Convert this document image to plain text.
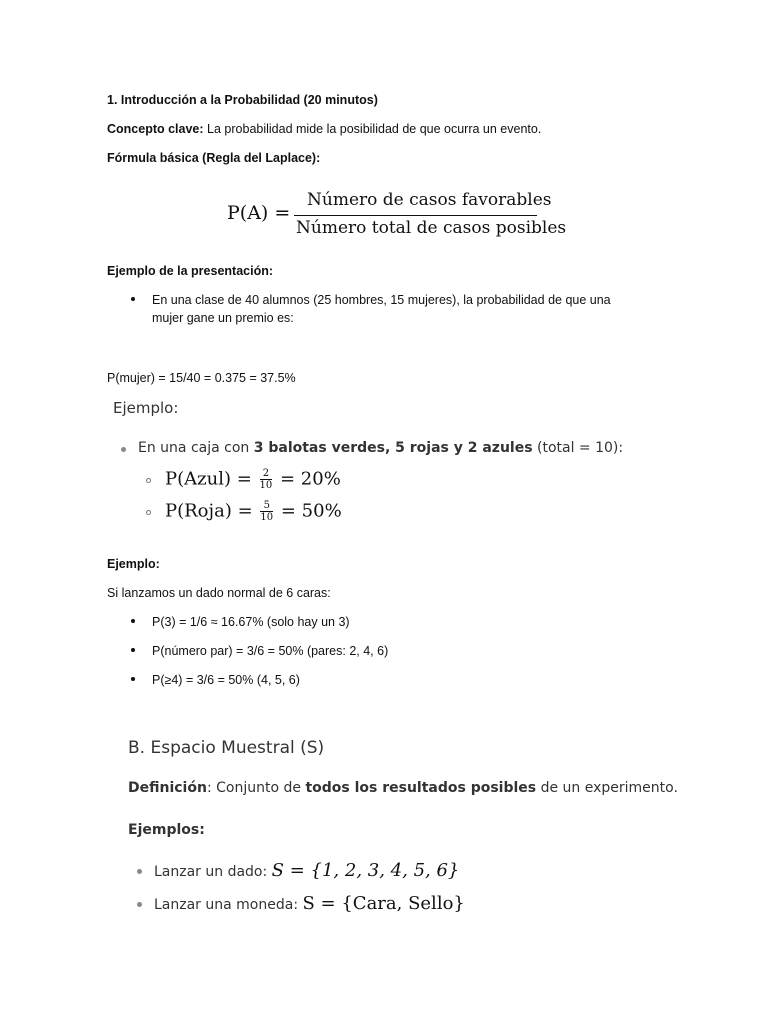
1. Introducción a la Probabilidad (20 minutos)
Concepto clave: La probabilidad mide la posibilidad de que ocurra un evento.
Fórmula básica (Regla del Laplace):
P(A) =
Número de casos favorables
Número total de casos posibles
Ejemplo de la presentación:
En una clase de 40 alumnos (25 hombres, 15 mujeres), la probabilidad de que una
mujer gane un premio es:
P(mujer) = 15/40 = 0.375 = 37.5%
Ejemplo:
En una caja con 3 balotas verdes, 5 rojas y 2 azules (total = 10):
P(Azul) = $\frac{2}{10} = 20\%$
P(Roja) = $\frac{5}{10} = 50\%$
Ejemplo:
Si lanzamos un dado normal de 6 caras:
P(3) = 1/6 ≈ 16.67% (solo hay un 3)
P(número par) = 3/6 = 50% (pares: 2, 4, 6)
P(≥4) = 3/6 = 50% (4, 5, 6)
B. Espacio Muestral (S)
Definición: Conjunto de todos los resultados posibles de un experimento.
Ejemplos:
Lanzar un dado: S = {1, 2, 3, 4, 5, 6}
Lanzar una moneda: S = {Cara, Sello}
